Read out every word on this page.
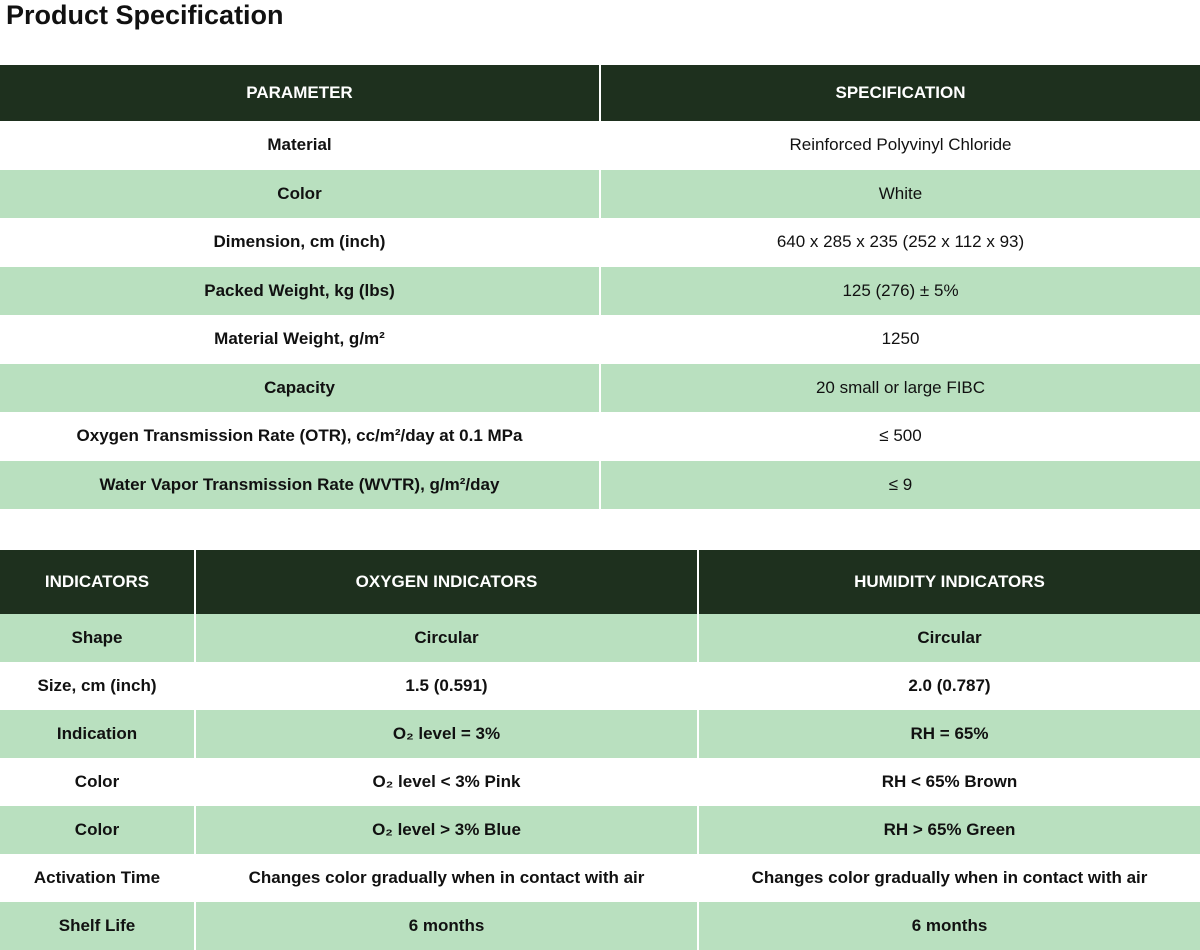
Product Specification
PARAMETER	SPECIFICATION
Material	Reinforced Polyvinyl Chloride
Color	White
Dimension, cm (inch)	640 x 285 x 235 (252 x 112 x 93)
Packed Weight, kg (lbs)	125 (276) ± 5%
Material Weight, g/m²	1250
Capacity	20 small or large FIBC
Oxygen Transmission Rate (OTR), cc/m²/day at 0.1 MPa	≤ 500
Water Vapor Transmission Rate (WVTR), g/m²/day	≤ 9
INDICATORS	OXYGEN INDICATORS	HUMIDITY INDICATORS
Shape	Circular	Circular
Size, cm (inch)	1.5 (0.591)	2.0 (0.787)
Indication	O₂ level = 3%	RH = 65%
Color	O₂ level < 3% Pink	RH < 65% Brown
Color	O₂ level > 3% Blue	RH > 65% Green
Activation Time	Changes color gradually when in contact with air	Changes color gradually when in contact with air
Shelf Life	6 months	6 months
